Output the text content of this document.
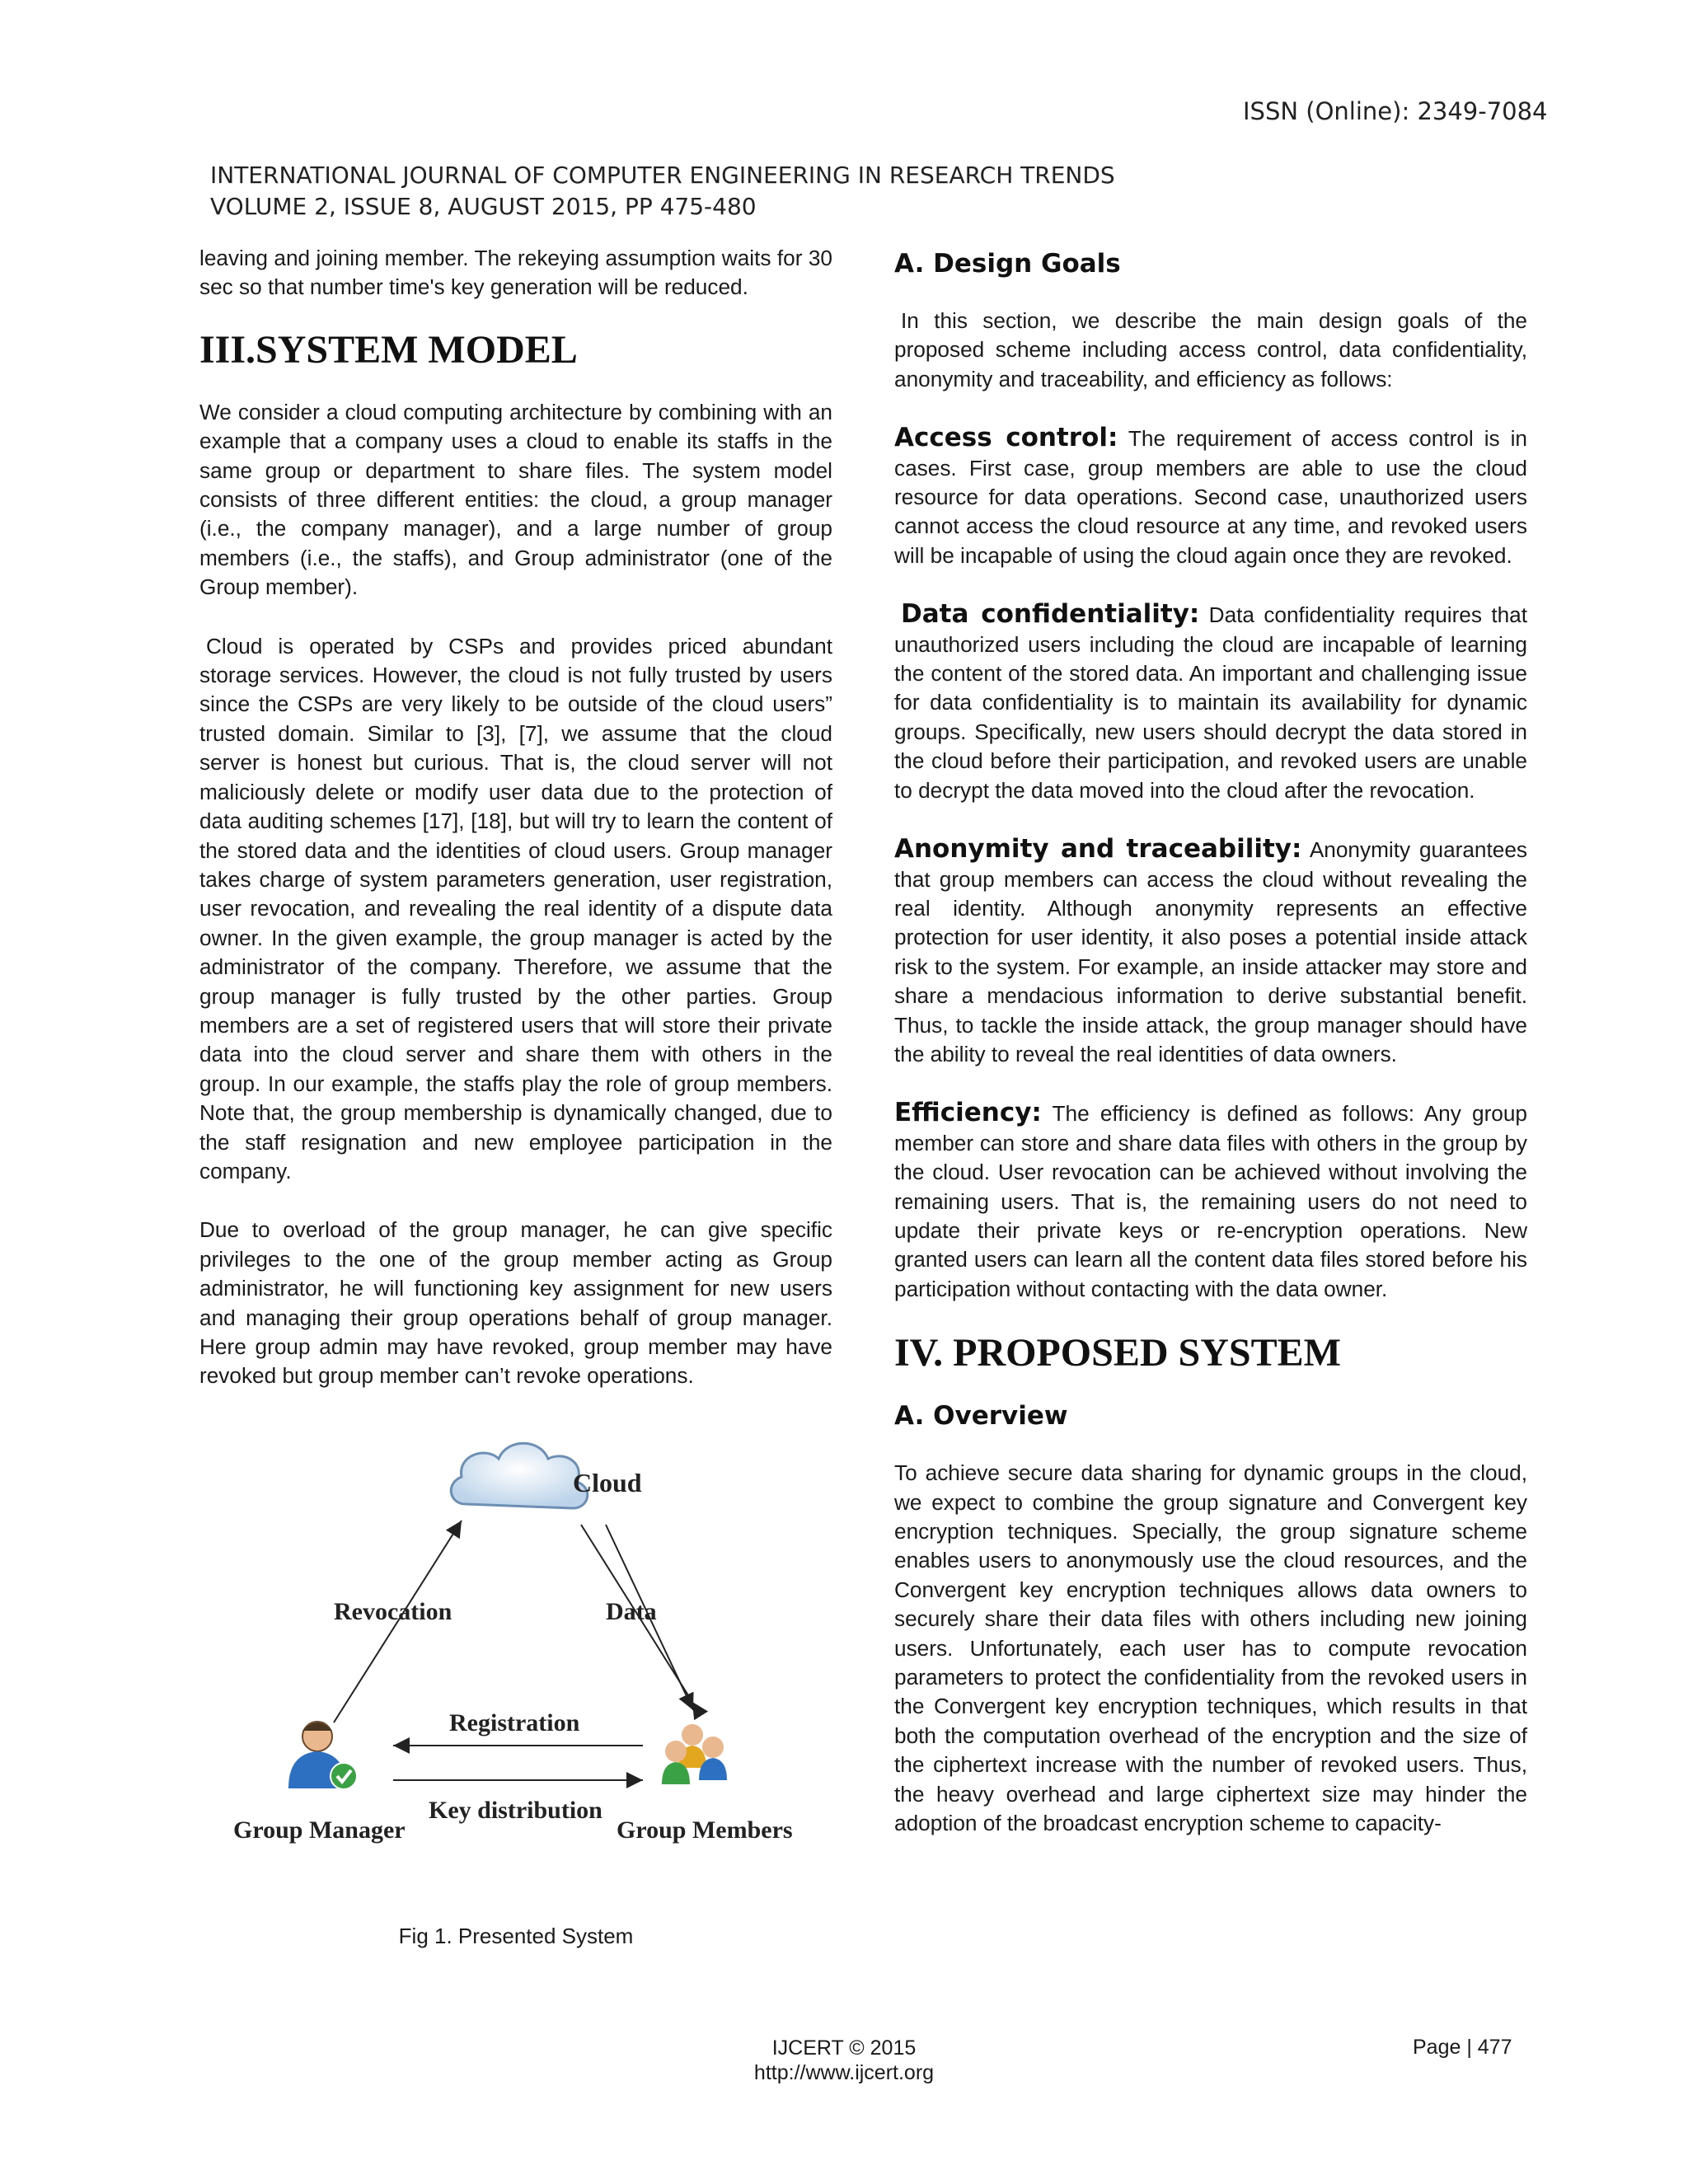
ISSN (Online): 2349-7084
INTERNATIONAL JOURNAL OF COMPUTER ENGINEERING IN RESEARCH TRENDS
VOLUME 2, ISSUE 8, AUGUST 2015, PP 475-480

leaving and joining member. The rekeying assumption waits for 30 sec so that number time's key generation will be reduced.

III.SYSTEM MODEL

We consider a cloud computing architecture by combining with an example that a company uses a cloud to enable its staffs in the same group or department to share files. The system model consists of three different entities: the cloud, a group manager (i.e., the company manager), and a large number of group members (i.e., the staffs), and Group administrator (one of the Group member).

Cloud is operated by CSPs and provides priced abundant storage services. However, the cloud is not fully trusted by users since the CSPs are very likely to be outside of the cloud users” trusted domain. Similar to [3], [7], we assume that the cloud server is honest but curious. That is, the cloud server will not maliciously delete or modify user data due to the protection of data auditing schemes [17], [18], but will try to learn the content of the stored data and the identities of cloud users. Group manager takes charge of system parameters generation, user registration, user revocation, and revealing the real identity of a dispute data owner. In the given example, the group manager is acted by the administrator of the company. Therefore, we assume that the group manager is fully trusted by the other parties. Group members are a set of registered users that will store their private data into the cloud server and share them with others in the group. In our example, the staffs play the role of group members. Note that, the group membership is dynamically changed, due to the staff resignation and new employee participation in the company.

Due to overload of the group manager, he can give specific privileges to the one of the group member acting as Group administrator, he will functioning key assignment for new users and managing their group operations behalf of group manager. Here group admin may have revoked, group member may have revoked but group member can’t revoke operations.

Cloud
Revocation	Data
Registration
Key distribution
Group Manager	Group Members
Fig 1. Presented System
A. Design Goals

In this section, we describe the main design goals of the proposed scheme including access control, data confidentiality, anonymity and traceability, and efficiency as follows:

Access control: The requirement of access control is in cases. First case, group members are able to use the cloud resource for data operations. Second case, unauthorized users cannot access the cloud resource at any time, and revoked users will be incapable of using the cloud again once they are revoked.

Data confidentiality: Data confidentiality requires that unauthorized users including the cloud are incapable of learning the content of the stored data. An important and challenging issue for data confidentiality is to maintain its availability for dynamic groups. Specifically, new users should decrypt the data stored in the cloud before their participation, and revoked users are unable to decrypt the data moved into the cloud after the revocation.

Anonymity and traceability: Anonymity guarantees that group members can access the cloud without revealing the real identity. Although anonymity represents an effective protection for user identity, it also poses a potential inside attack risk to the system. For example, an inside attacker may store and share a mendacious information to derive substantial benefit. Thus, to tackle the inside attack, the group manager should have the ability to reveal the real identities of data owners.

Efficiency: The efficiency is defined as follows: Any group member can store and share data files with others in the group by the cloud. User revocation can be achieved without involving the remaining users. That is, the remaining users do not need to update their private keys or re-encryption operations. New granted users can learn all the content data files stored before his participation without contacting with the data owner.

IV. PROPOSED SYSTEM
A. Overview

To achieve secure data sharing for dynamic groups in the cloud, we expect to combine the group signature and Convergent key encryption techniques. Specially, the group signature scheme enables users to anonymously use the cloud resources, and the Convergent key encryption techniques allows data owners to securely share their data files with others including new joining users. Unfortunately, each user has to compute revocation parameters to protect the confidentiality from the revoked users in the Convergent key encryption techniques, which results in that both the computation overhead of the encryption and the size of the ciphertext increase with the number of revoked users. Thus, the heavy overhead and large ciphertext size may hinder the adoption of the broadcast encryption scheme to capacity-

IJCERT © 2015
http://www.ijcert.org
Page | 477
